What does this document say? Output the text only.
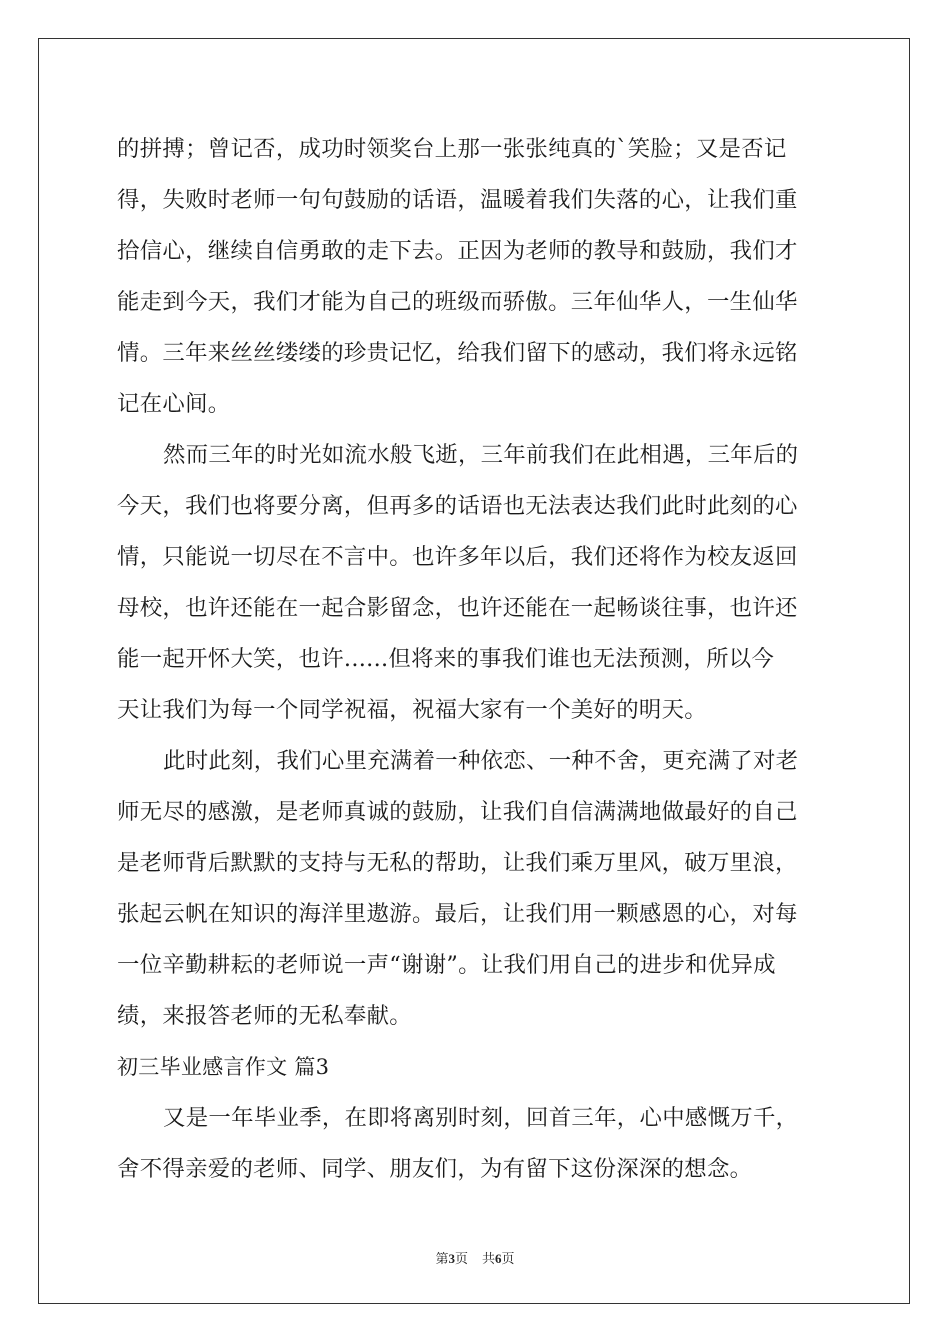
的拼搏；曾记否，成功时领奖台上那一张张纯真的`笑脸；又是否记
得，失败时老师一句句鼓励的话语，温暖着我们失落的心，让我们重
拾信心，继续自信勇敢的走下去。正因为老师的教导和鼓励，我们才
能走到今天，我们才能为自己的班级而骄傲。三年仙华人，一生仙华
情。三年来丝丝缕缕的珍贵记忆，给我们留下的感动，我们将永远铭
记在心间。
然而三年的时光如流水般飞逝，三年前我们在此相遇，三年后的
今天，我们也将要分离，但再多的话语也无法表达我们此时此刻的心
情，只能说一切尽在不言中。也许多年以后，我们还将作为校友返回
母校，也许还能在一起合影留念，也许还能在一起畅谈往事，也许还
能一起开怀大笑，也许......但将来的事我们谁也无法预测，所以今
天让我们为每一个同学祝福，祝福大家有一个美好的明天。
此时此刻，我们心里充满着一种依恋、一种不舍，更充满了对老
师无尽的感激，是老师真诚的鼓励，让我们自信满满地做最好的自己
是老师背后默默的支持与无私的帮助，让我们乘万里风，破万里浪，
张起云帆在知识的海洋里遨游。最后，让我们用一颗感恩的心，对每
一位辛勤耕耘的老师说一声“谢谢”。让我们用自己的进步和优异成
绩，来报答老师的无私奉献。
初三毕业感言作文 篇3
又是一年毕业季，在即将离别时刻，回首三年，心中感慨万千，
舍不得亲爱的老师、同学、朋友们，为有留下这份深深的想念。
第3页 共6页
